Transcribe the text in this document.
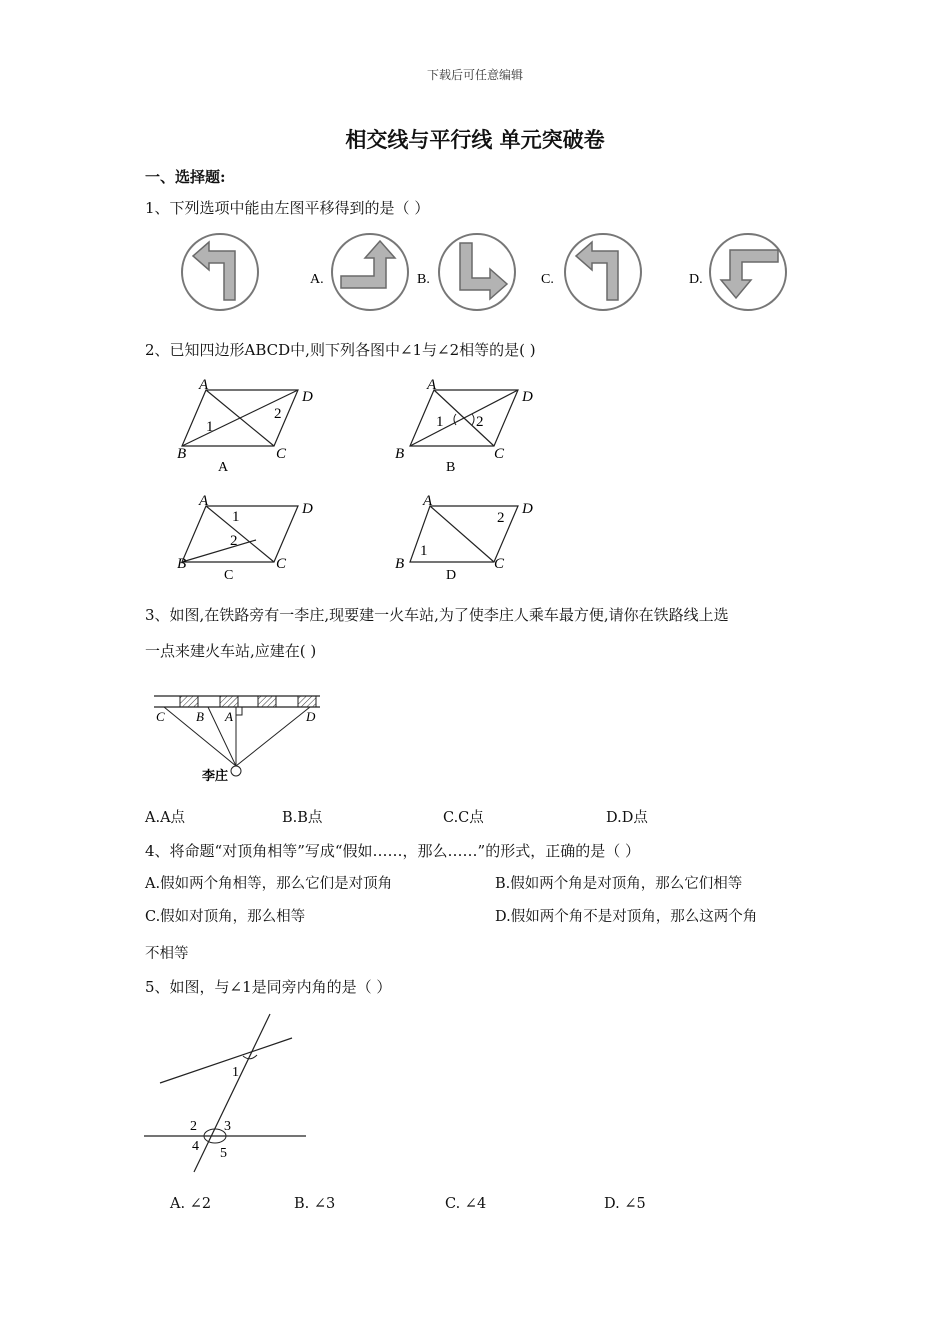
下载后可任意编辑
相交线与平行线 单元突破卷
一、选择题:
1、下列选项中能由左图平移得到的是（ ）
A.	B.	C.	D.
2、已知四边形ABCD中,则下列各图中∠1与∠2相等的是( )
A
D
B	C
1
2
A
A
D
B	C
1 2
B
A	D
B	C
1
2
C
A	D
B	C
1
2
D
3、如图,在铁路旁有一李庄,现要建一火车站,为了使李庄人乘车最方便,请你在铁路线上选
一点来建火车站,应建在( )
C B A	D
李庄
A.A点	B.B点	C.C点	D.D点
4、将命题“对顶角相等”写成“假如……，那么……”的形式，正确的是（ ）
A.假如两个角相等，那么它们是对顶角	B.假如两个角是对顶角，那么它们相等
C.假如对顶角，那么相等	D.假如两个角不是对顶角，那么这两个角
不相等
5、如图，与∠1是同旁内角的是（ ）
1
2 3
4 5
A. ∠2	B. ∠3	C. ∠4	D. ∠5
